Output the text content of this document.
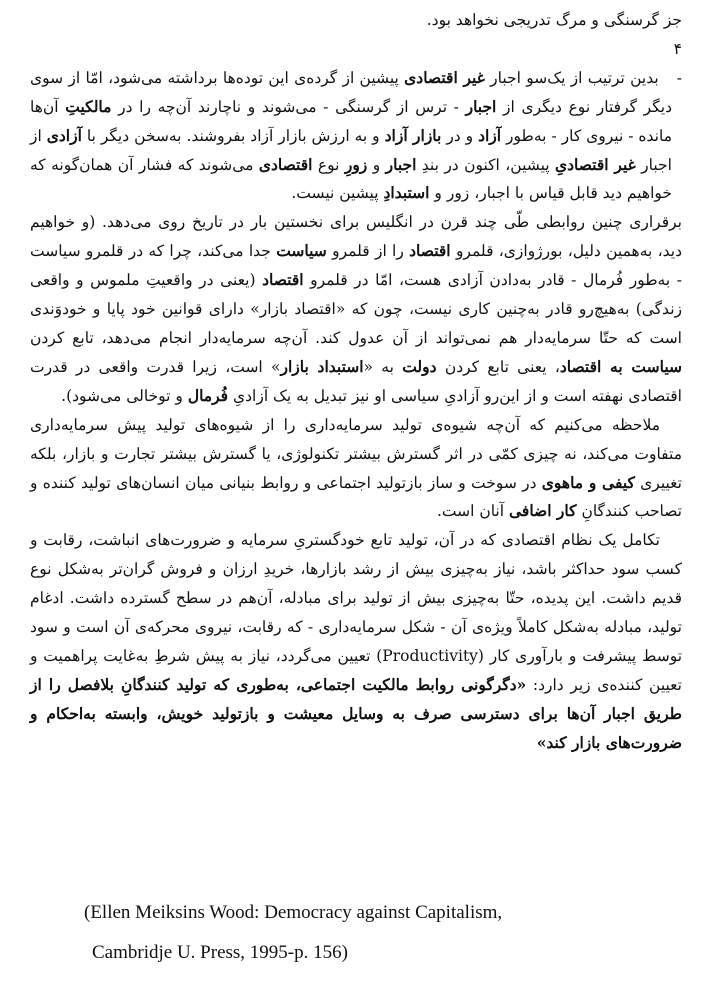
جز گرسنگی و مرگ تدریجی نخواهد بود.

۴ - بدین ترتیب از یک‌سو اجبار غیر اقتصادی پیشین از گرده‌ی این توده‌ها برداشته می‌شود، امّا از سوی دیگر گرفتار نوع دیگری از اجبار - ترس از گرسنگی - می‌شوند و ناچارند آن‌چه را در مالکیتِ آن‌ها مانده - نیروی کار - به‌طور آزاد و در بازار آزاد و به ارزش بازار آزاد بفروشند. به‌سخن دیگر با آزادی از اجبار غیر اقتصادیِ پیشین، اکنون در بندِ اجبار و زورِ نوع اقتصادی می‌شوند که فشار آن همان‌گونه که خواهیم دید قابل قیاس با اجبار، زور و استبدادِ پیشین نیست.

برقراری چنین روابطی طّی چند قرن در انگلیس برای نخستین بار در تاریخ روی می‌دهد. (و خواهیم دید، به‌همین دلیل، بورژوازی، قلمرو اقتصاد را از قلمرو سیاست جدا می‌کند، چرا که در قلمرو سیاست - به‌طور فُرمال - قادر به‌دادن آزادی هست، امّا در قلمرو اقتصاد (یعنی در واقعیتِ ملموس و واقعی زندگی) به‌هیچ‌رو قادر به‌چنین کاری نیست، چون که «اقتصاد بازار» دارای قوانین خود پایا و خودوَندی است که حتّا سرمایه‌دار هم نمی‌تواند از آن عدول کند. آن‌چه سرمایه‌دار انجام می‌دهد، تابع کردن سیاست به اقتصاد، یعنی تابع کردن دولت به «استبداد بازار» است، زیرا قدرت واقعی در قدرت اقتصادی نهفته است و از این‌رو آزادیِ سیاسی او نیز تبدیل به یک آزادیِ فُرمال و توخالی می‌شود).

ملاحظه می‌کنیم که آن‌چه شیوه‌ی تولید سرمایه‌داری را از شیوه‌های تولید پیش سرمایه‌داری متفاوت می‌کند، نه چیزی کمّی در اثر گسترش بیشتر تکنولوژی، یا گسترش بیشتر تجارت و بازار، بلکه تغییری کیفی و ماهوی در سوخت و ساز بازتولید اجتماعی و روابط بنیانی میان انسان‌های تولید کننده و تصاحب کنندگانِ کار اضافی آنان است.

تکامل یک نظام اقتصادی که در آن، تولید تابع خودگستریِ سرمایه و ضرورت‌های انباشت، رقابت و کسب سود حداکثر باشد، نیاز به‌چیزی بیش از رشد بازارها، خریدِ ارزان و فروش گران‌تر به‌شکل نوع قدیم داشت. این پدیده، حتّا به‌چیزی بیش از تولید برای مبادله، آن‌هم در سطح گسترده داشت. ادغام تولید، مبادله به‌شکل کاملاً ویژه‌ی آن - شکل سرمایه‌داری - که رقابت، نیروی محرکه‌ی آن است و سود توسط پیشرفت و بارآوری کار (Productivity) تعیین می‌گردد، نیاز به پیش شرطِ به‌غایت پراهمیت و تعیین کننده‌ی زیر دارد: «دگرگونی روابط مالکیت اجتماعی، به‌طوری که تولید کنندگانِ بلافصل را از طریق اجبار آن‌ها برای دسترسی صرف به وسایل معیشت و بازتولید خویش، وابسته به‌احکام و ضرورت‌های بازار کند»

(Ellen Meiksins Wood: Democracy against Capitalism,
Cambridje U. Press, 1995-p. 156)
